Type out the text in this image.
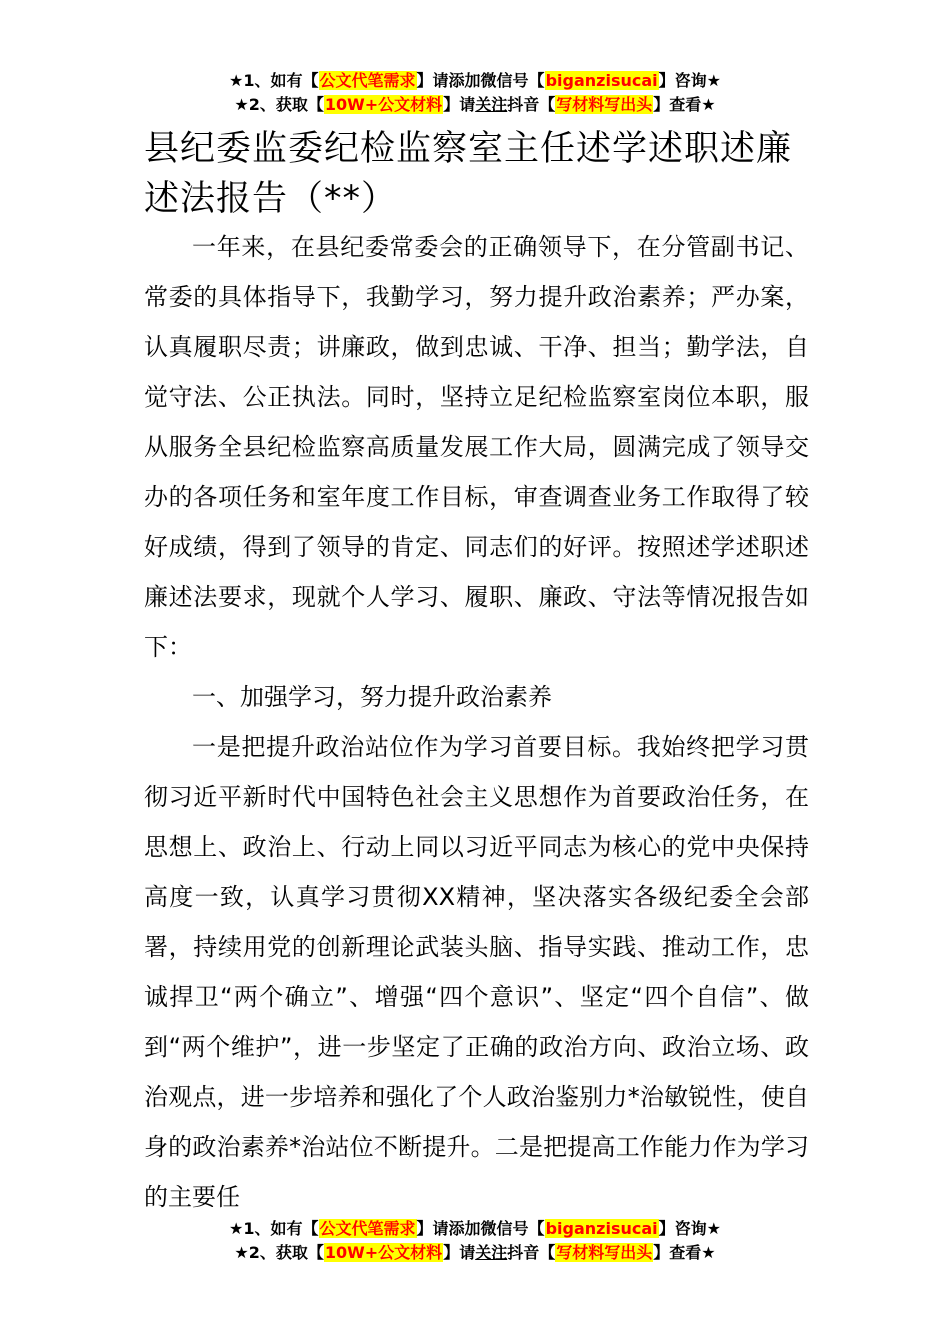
★1、如有【公文代笔需求】请添加微信号【biganzisucai】咨询★
★2、获取【10W+公文材料】请关注抖音【写材料写出头】查看★
县纪委监委纪检监察室主任述学述职述廉述法报告（**）

一年来，在县纪委常委会的正确领导下，在分管副书记、常委的具体指导下，我勤学习，努力提升政治素养；严办案，认真履职尽责；讲廉政，做到忠诚、干净、担当；勤学法，自觉守法、公正执法。同时，坚持立足纪检监察室岗位本职，服从服务全县纪检监察高质量发展工作大局，圆满完成了领导交办的各项任务和室年度工作目标，审查调查业务工作取得了较好成绩，得到了领导的肯定、同志们的好评。按照述学述职述廉述法要求，现就个人学习、履职、廉政、守法等情况报告如下：

一、加强学习，努力提升政治素养

一是把提升政治站位作为学习首要目标。我始终把学习贯彻习近平新时代中国特色社会主义思想作为首要政治任务，在思想上、政治上、行动上同以习近平同志为核心的党中央保持高度一致，认真学习贯彻XX精神，坚决落实各级纪委全会部署，持续用党的创新理论武装头脑、指导实践、推动工作，忠诚捍卫“两个确立”、增强“四个意识”、坚定“四个自信”、做到“两个维护”，进一步坚定了正确的政治方向、政治立场、政治观点，进一步培养和强化了个人政治鉴别力*治敏锐性，使自身的政治素养*治站位不断提升。二是把提高工作能力作为学习的主要任

★1、如有【公文代笔需求】请添加微信号【biganzisucai】咨询★
★2、获取【10W+公文材料】请关注抖音【写材料写出头】查看★
